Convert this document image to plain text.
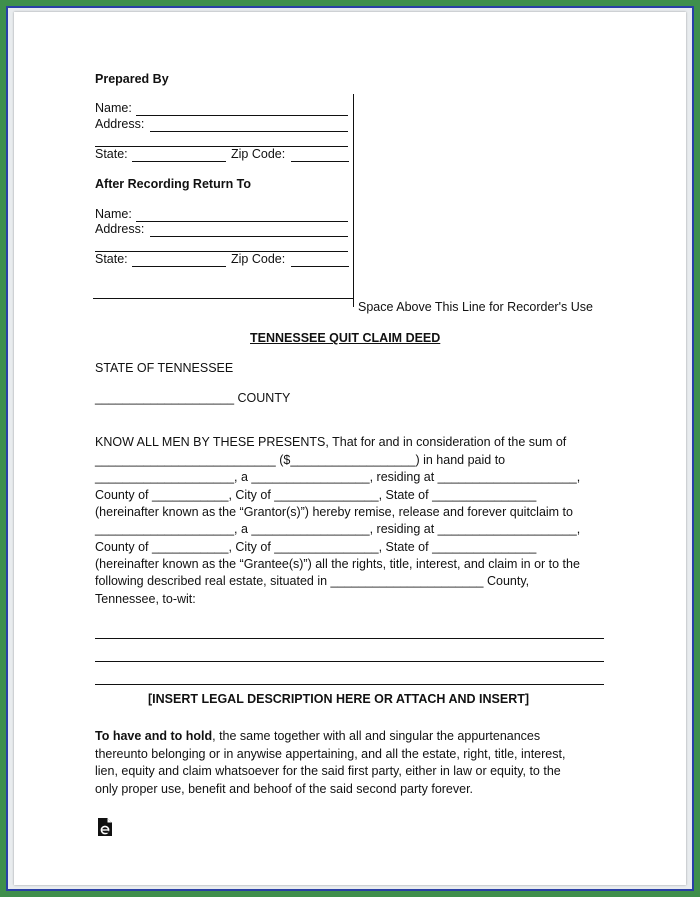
Prepared By
Name:
Address:
State:	Zip Code:
After Recording Return To
Name:
Address:
State:	Zip Code:
Space Above This Line for Recorder's Use
TENNESSEE QUIT CLAIM DEED
STATE OF TENNESSEE
____________________ COUNTY
KNOW ALL MEN BY THESE PRESENTS, That for and in consideration of the sum of
__________________________ ($__________________) in hand paid to
____________________, a _________________, residing at ____________________,
County of ___________, City of _______________, State of _______________
(hereinafter known as the “Grantor(s)”) hereby remise, release and forever quitclaim to
____________________, a _________________, residing at ____________________,
County of ___________, City of _______________, State of _______________
(hereinafter known as the “Grantee(s)”) all the rights, title, interest, and claim in or to the
following described real estate, situated in ______________________ County,
Tennessee, to-wit:
[INSERT LEGAL DESCRIPTION HERE OR ATTACH AND INSERT]
To have and to hold, the same together with all and singular the appurtenances
thereunto belonging or in anywise appertaining, and all the estate, right, title, interest,
lien, equity and claim whatsoever for the said first party, either in law or equity, to the
only proper use, benefit and behoof of the said second party forever.
